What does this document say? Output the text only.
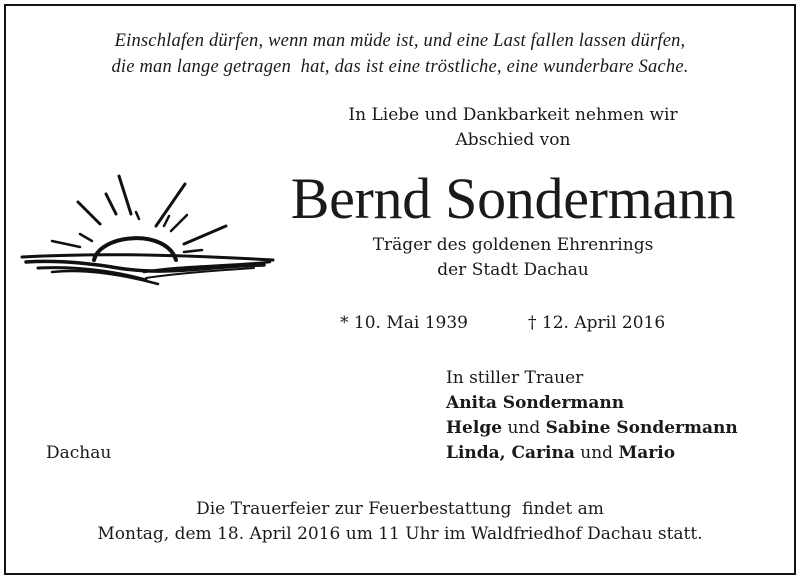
Einschlafen dürfen, wenn man müde ist, und eine Last fallen lassen dürfen,
die man lange getragen  hat, das ist eine tröstliche, eine wunderbare Sache.
In Liebe und Dankbarkeit nehmen wir
Abschied von
Bernd Sondermann
Träger des goldenen Ehrenrings
der Stadt Dachau
* 10. Mai 1939	† 12. April 2016
In stiller Trauer
Anita Sondermann
Helge und Sabine Sondermann
Linda, Carina und Mario
Dachau
Die Trauerfeier zur Feuerbestattung  findet am
Montag, dem 18. April 2016 um 11 Uhr im Waldfriedhof Dachau statt.
